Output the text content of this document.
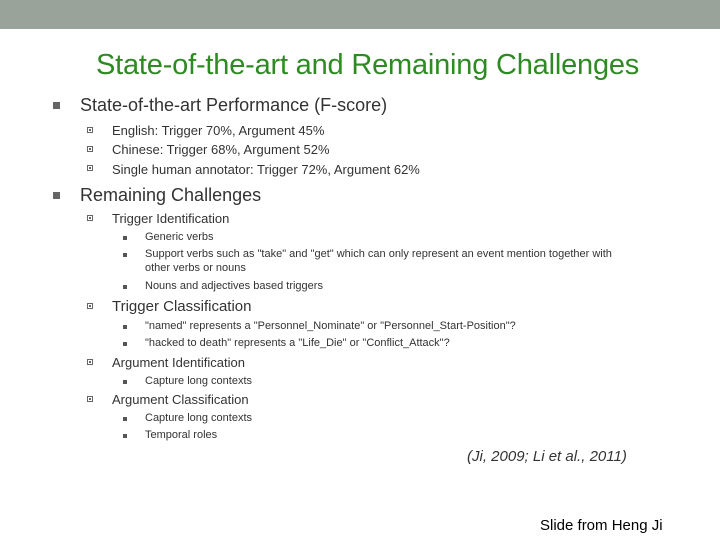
State-of-the-art and Remaining Challenges
State-of-the-art Performance (F-score)
English: Trigger 70%, Argument 45%
Chinese: Trigger 68%, Argument 52%
Single human annotator: Trigger 72%, Argument 62%
Remaining Challenges
Trigger Identification
Generic verbs
Support verbs such as "take" and "get" which can only represent an event mention together with
other verbs or nouns
Nouns and adjectives based triggers
Trigger Classification
"named" represents a "Personnel_Nominate" or "Personnel_Start-Position"?
"hacked to death" represents a "Life_Die" or "Conflict_Attack"?
Argument Identification
Capture long contexts
Argument Classification
Capture long contexts
Temporal roles
(Ji, 2009; Li et al., 2011)
Slide from Heng Ji
